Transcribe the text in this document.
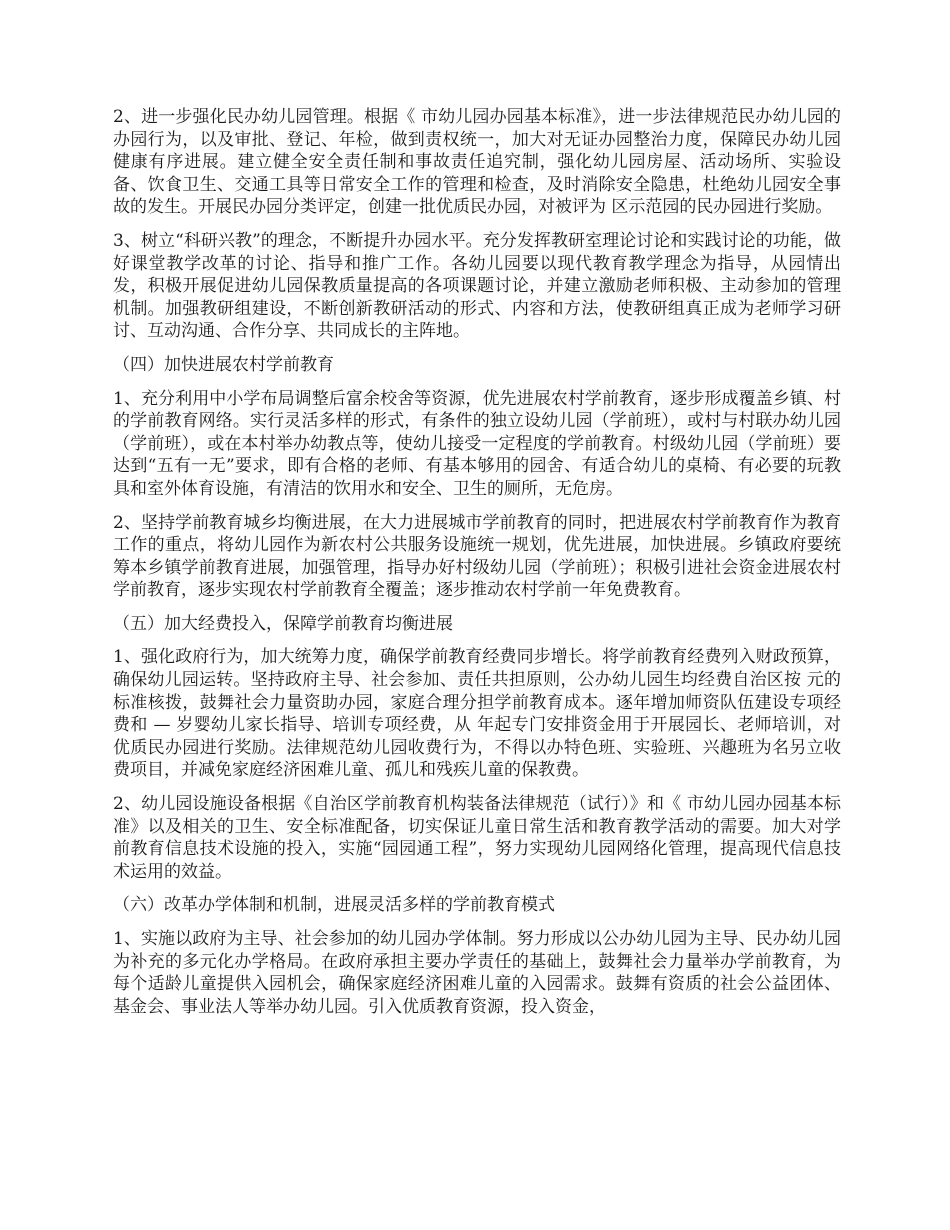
2、进一步强化民办幼儿园管理。根据《 市幼儿园办园基本标准》，进一步法律规范民办幼儿园的办园行为，以及审批、登记、年检，做到责权统一，加大对无证办园整治力度，保障民办幼儿园健康有序进展。建立健全安全责任制和事故责任追究制，强化幼儿园房屋、活动场所、实验设备、饮食卫生、交通工具等日常安全工作的管理和检查，及时消除安全隐患，杜绝幼儿园安全事故的发生。开展民办园分类评定，创建一批优质民办园，对被评为 区示范园的民办园进行奖励。

3、树立“科研兴教”的理念，不断提升办园水平。充分发挥教研室理论讨论和实践讨论的功能，做好课堂教学改革的讨论、指导和推广工作。各幼儿园要以现代教育教学理念为指导，从园情出发，积极开展促进幼儿园保教质量提高的各项课题讨论，并建立激励老师积极、主动参加的管理机制。加强教研组建设，不断创新教研活动的形式、内容和方法，使教研组真正成为老师学习研讨、互动沟通、合作分享、共同成长的主阵地。

（四）加快进展农村学前教育

1、充分利用中小学布局调整后富余校舍等资源，优先进展农村学前教育，逐步形成覆盖乡镇、村的学前教育网络。实行灵活多样的形式，有条件的独立设幼儿园（学前班），或村与村联办幼儿园（学前班），或在本村举办幼教点等，使幼儿接受一定程度的学前教育。村级幼儿园（学前班）要达到“五有一无”要求，即有合格的老师、有基本够用的园舍、有适合幼儿的桌椅、有必要的玩教具和室外体育设施，有清洁的饮用水和安全、卫生的厕所，无危房。

2、坚持学前教育城乡均衡进展，在大力进展城市学前教育的同时，把进展农村学前教育作为教育工作的重点，将幼儿园作为新农村公共服务设施统一规划，优先进展，加快进展。乡镇政府要统筹本乡镇学前教育进展，加强管理，指导办好村级幼儿园（学前班）；积极引进社会资金进展农村学前教育，逐步实现农村学前教育全覆盖；逐步推动农村学前一年免费教育。

（五）加大经费投入，保障学前教育均衡进展

1、强化政府行为，加大统筹力度，确保学前教育经费同步增长。将学前教育经费列入财政预算，确保幼儿园运转。坚持政府主导、社会参加、责任共担原则，公办幼儿园生均经费自治区按 元的标准核拨，鼓舞社会力量资助办园，家庭合理分担学前教育成本。逐年增加师资队伍建设专项经费和 — 岁婴幼儿家长指导、培训专项经费，从 年起专门安排资金用于开展园长、老师培训，对优质民办园进行奖励。法律规范幼儿园收费行为，不得以办特色班、实验班、兴趣班为名另立收费项目，并减免家庭经济困难儿童、孤儿和残疾儿童的保教费。

2、幼儿园设施设备根据《自治区学前教育机构装备法律规范（试行）》和《 市幼儿园办园基本标准》以及相关的卫生、安全标准配备，切实保证儿童日常生活和教育教学活动的需要。加大对学前教育信息技术设施的投入，实施“园园通工程”，努力实现幼儿园网络化管理，提高现代信息技术运用的效益。

（六）改革办学体制和机制，进展灵活多样的学前教育模式

1、实施以政府为主导、社会参加的幼儿园办学体制。努力形成以公办幼儿园为主导、民办幼儿园为补充的多元化办学格局。在政府承担主要办学责任的基础上，鼓舞社会力量举办学前教育，为每个适龄儿童提供入园机会，确保家庭经济困难儿童的入园需求。鼓舞有资质的社会公益团体、基金会、事业法人等举办幼儿园。引入优质教育资源，投入资金，
